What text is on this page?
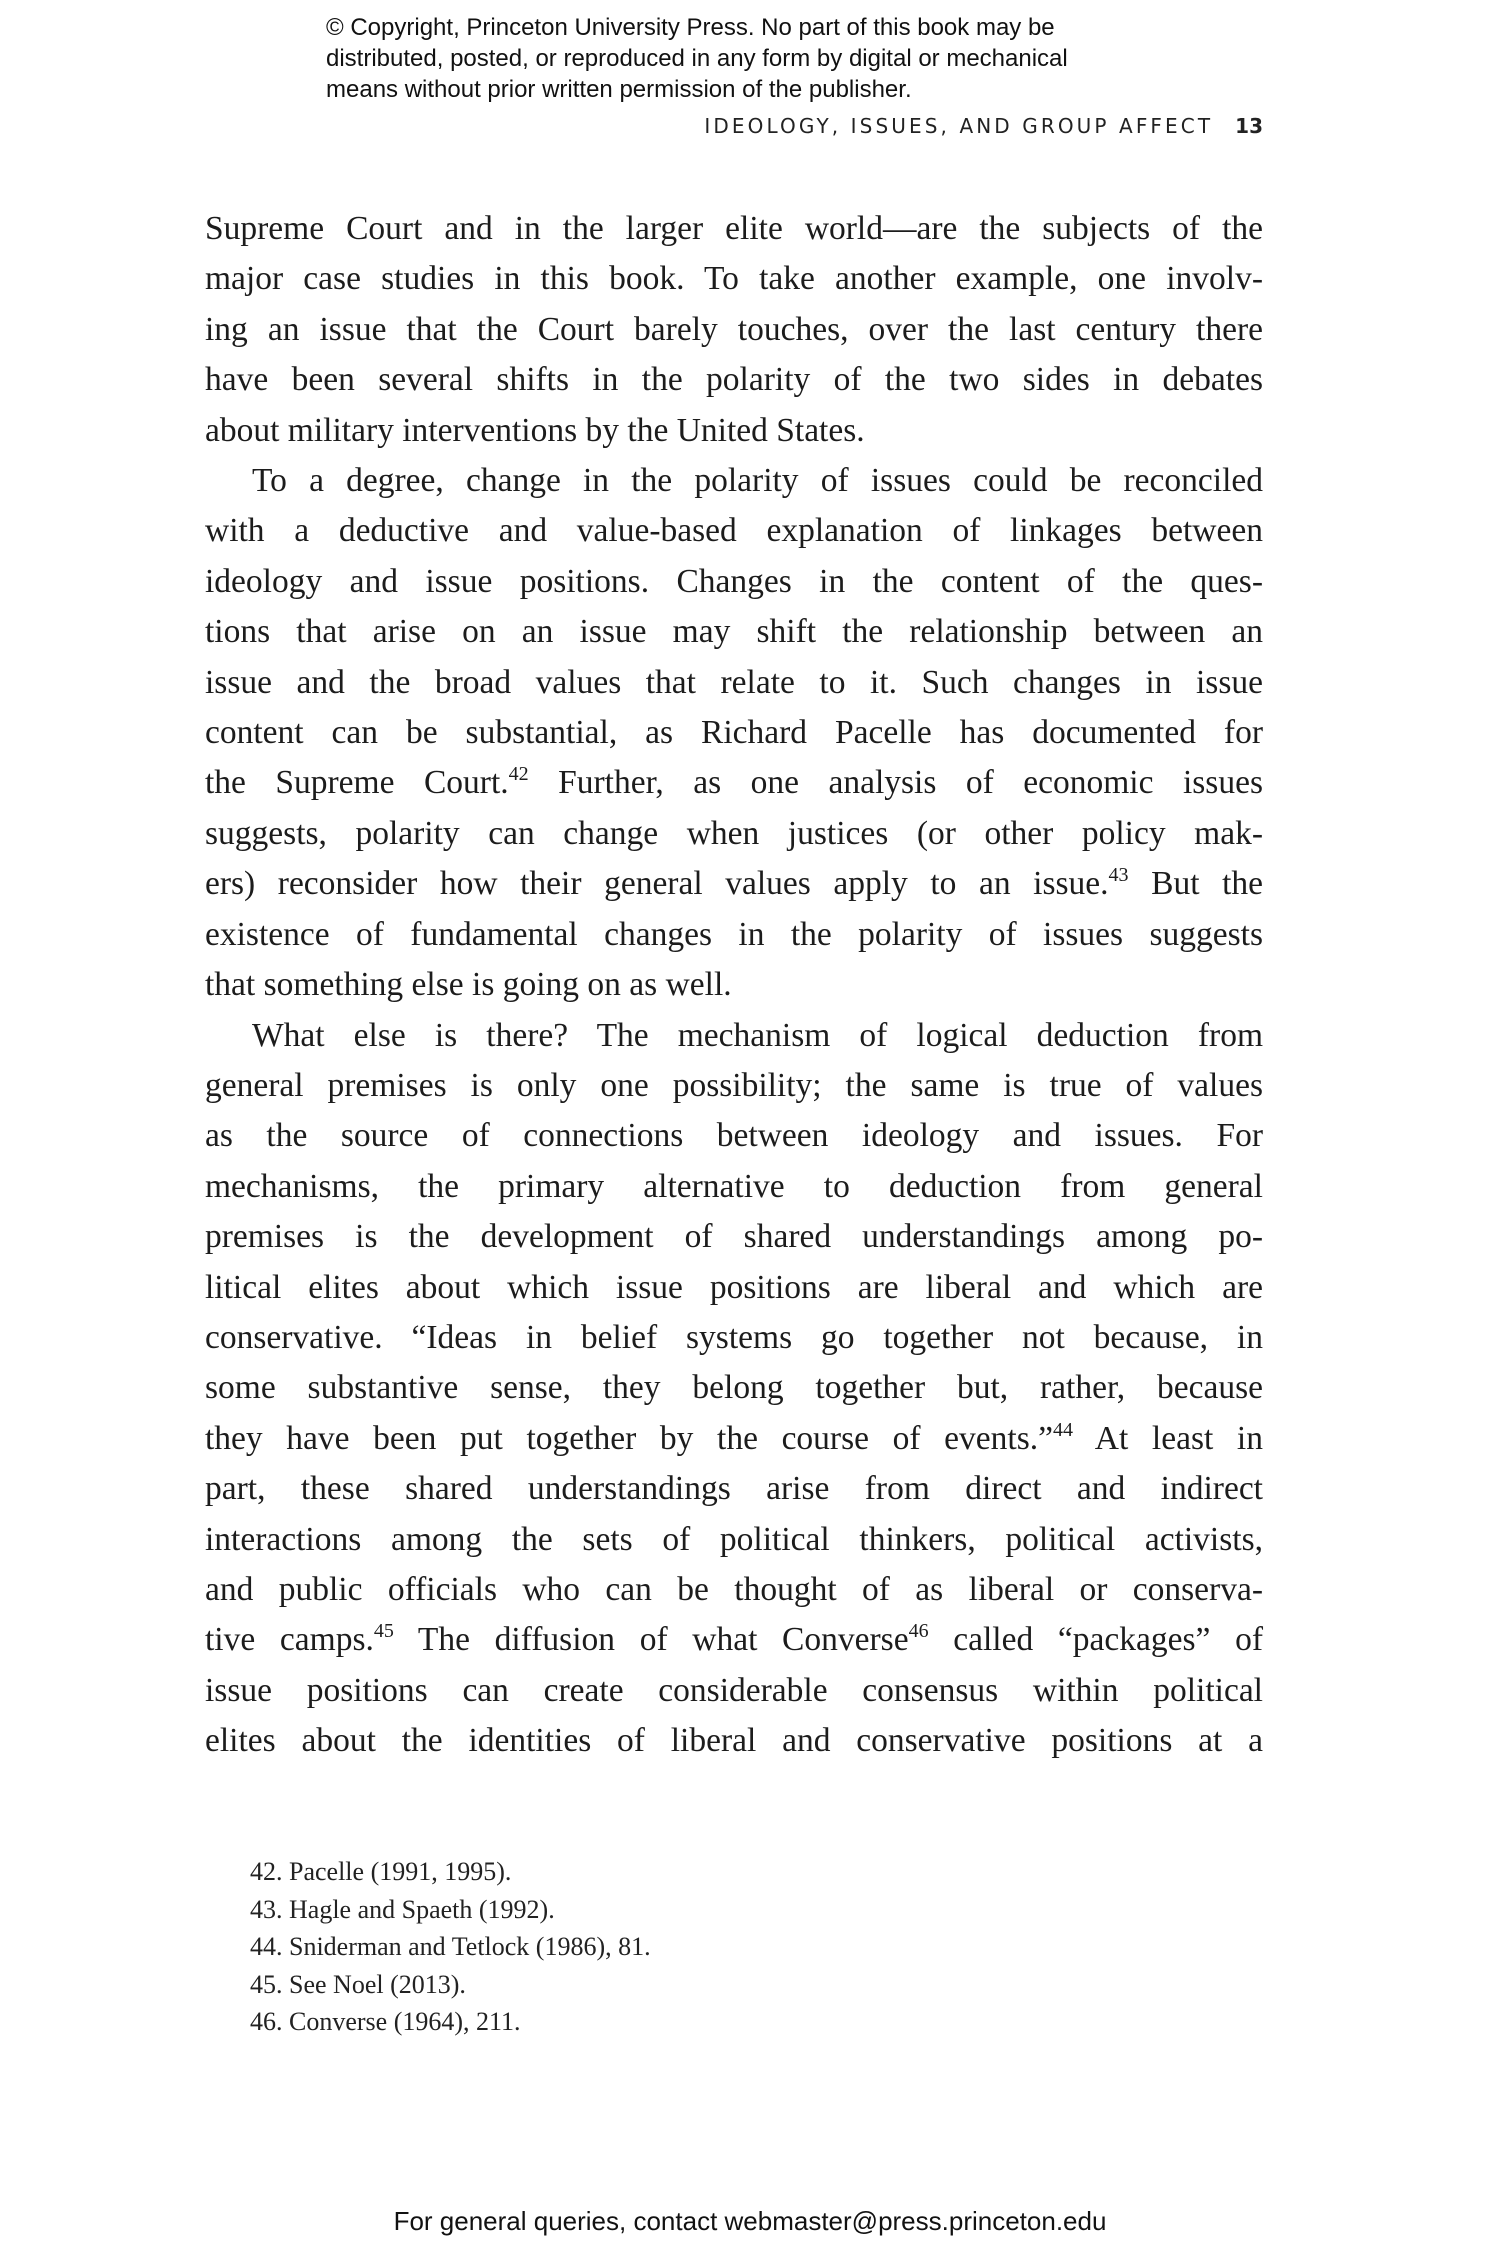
© Copyright, Princeton University Press. No part of this book may be
distributed, posted, or reproduced in any form by digital or mechanical
means without prior written permission of the publisher.
IDEOLOGY, ISSUES, AND GROUP AFFECT 13
Supreme Court and in the larger elite world—are the subjects of the
major case studies in this book. To take another example, one involv-
ing an issue that the Court barely touches, over the last century there
have been several shifts in the polarity of the two sides in debates
about military interventions by the United States.
To a degree, change in the polarity of issues could be reconciled
with a deductive and value-based explanation of linkages between
ideology and issue positions. Changes in the content of the ques-
tions that arise on an issue may shift the relationship between an
issue and the broad values that relate to it. Such changes in issue
content can be substantial, as Richard Pacelle has documented for
the Supreme Court.$^{42}$ Further, as one analysis of economic issues
suggests, polarity can change when justices (or other policy mak-
ers) reconsider how their general values apply to an issue.$^{43}$ But the
existence of fundamental changes in the polarity of issues suggests
that something else is going on as well.
What else is there? The mechanism of logical deduction from
general premises is only one possibility; the same is true of values
as the source of connections between ideology and issues. For
mechanisms, the primary alternative to deduction from general
premises is the development of shared understandings among po-
litical elites about which issue positions are liberal and which are
conservative. “Ideas in belief systems go together not because, in
some substantive sense, they belong together but, rather, because
they have been put together by the course of events.”$^{44}$ At least in
part, these shared understandings arise from direct and indirect
interactions among the sets of political thinkers, political activists,
and public officials who can be thought of as liberal or conserva-
tive camps.$^{45}$ The diffusion of what Converse$^{46}$ called “packages” of
issue positions can create considerable consensus within political
elites about the identities of liberal and conservative positions at a
42. Pacelle (1991, 1995).
43. Hagle and Spaeth (1992).
44. Sniderman and Tetlock (1986), 81.
45. See Noel (2013).
46. Converse (1964), 211.
For general queries, contact webmaster@press.princeton.edu
